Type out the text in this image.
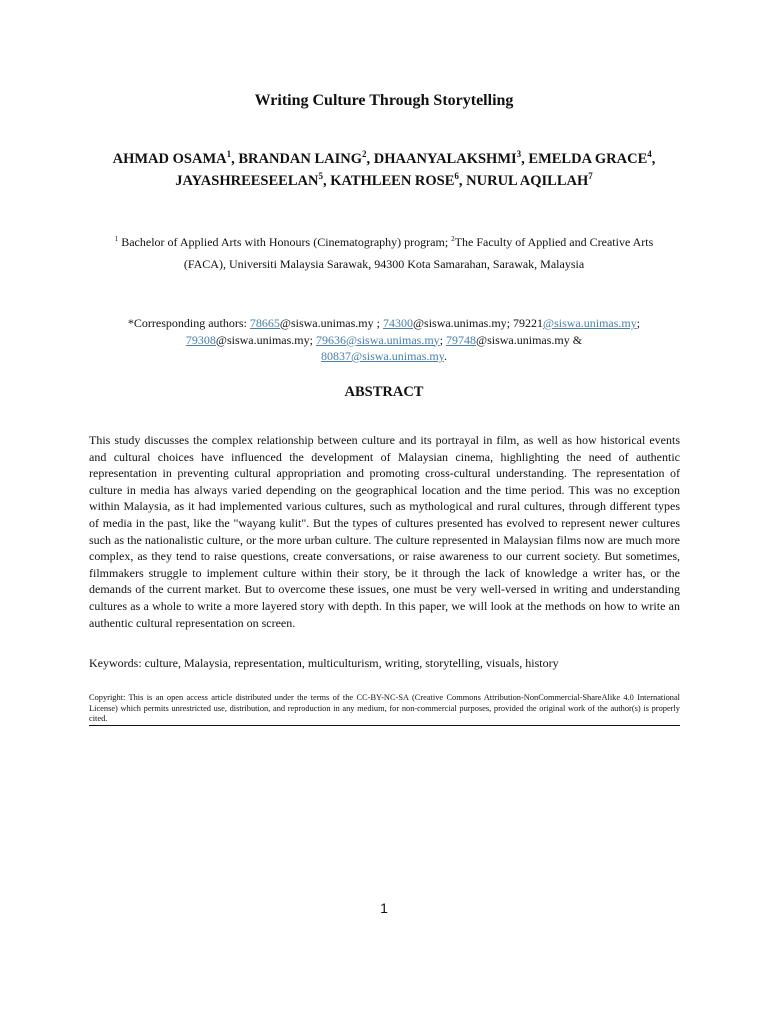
Writing Culture Through Storytelling
AHMAD OSAMA$^1$, BRANDAN LAING$^2$, DHAANYALAKSHMI$^3$, EMELDA GRACE$^4$,
JAYASHREESEELAN$^5$, KATHLEEN ROSE$^6$, NURUL AQILLAH$^7$
$^1$ Bachelor of Applied Arts with Honours (Cinematography) program; $^2$The Faculty of Applied and Creative Arts (FACA), Universiti Malaysia Sarawak, 94300 Kota Samarahan, Sarawak, Malaysia
*Corresponding authors: 78665@siswa.unimas.my ; 74300@siswa.unimas.my; 79221@siswa.unimas.my;
79308@siswa.unimas.my; 79636@siswa.unimas.my; 79748@siswa.unimas.my &
80837@siswa.unimas.my.
ABSTRACT
This study discusses the complex relationship between culture and its portrayal in film, as well as how historical events and cultural choices have influenced the development of Malaysian cinema, highlighting the need of authentic representation in preventing cultural appropriation and promoting cross-cultural understanding. The representation of culture in media has always varied depending on the geographical location and the time period. This was no exception within Malaysia, as it had implemented various cultures, such as mythological and rural cultures, through different types of media in the past, like the "wayang kulit". But the types of cultures presented has evolved to represent newer cultures such as the nationalistic culture, or the more urban culture. The culture represented in Malaysian films now are much more complex, as they tend to raise questions, create conversations, or raise awareness to our current society. But sometimes, filmmakers struggle to implement culture within their story, be it through the lack of knowledge a writer has, or the demands of the current market. But to overcome these issues, one must be very well-versed in writing and understanding cultures as a whole to write a more layered story with depth. In this paper, we will look at the methods on how to write an authentic cultural representation on screen.
Keywords: culture, Malaysia, representation, multiculturism, writing, storytelling, visuals, history
Copyright: This is an open access article distributed under the terms of the CC-BY-NC-SA (Creative Commons Attribution-NonCommercial-ShareAlike 4.0 International License) which permits unrestricted use, distribution, and reproduction in any medium, for non-commercial purposes, provided the original work of the author(s) is properly cited.
1
